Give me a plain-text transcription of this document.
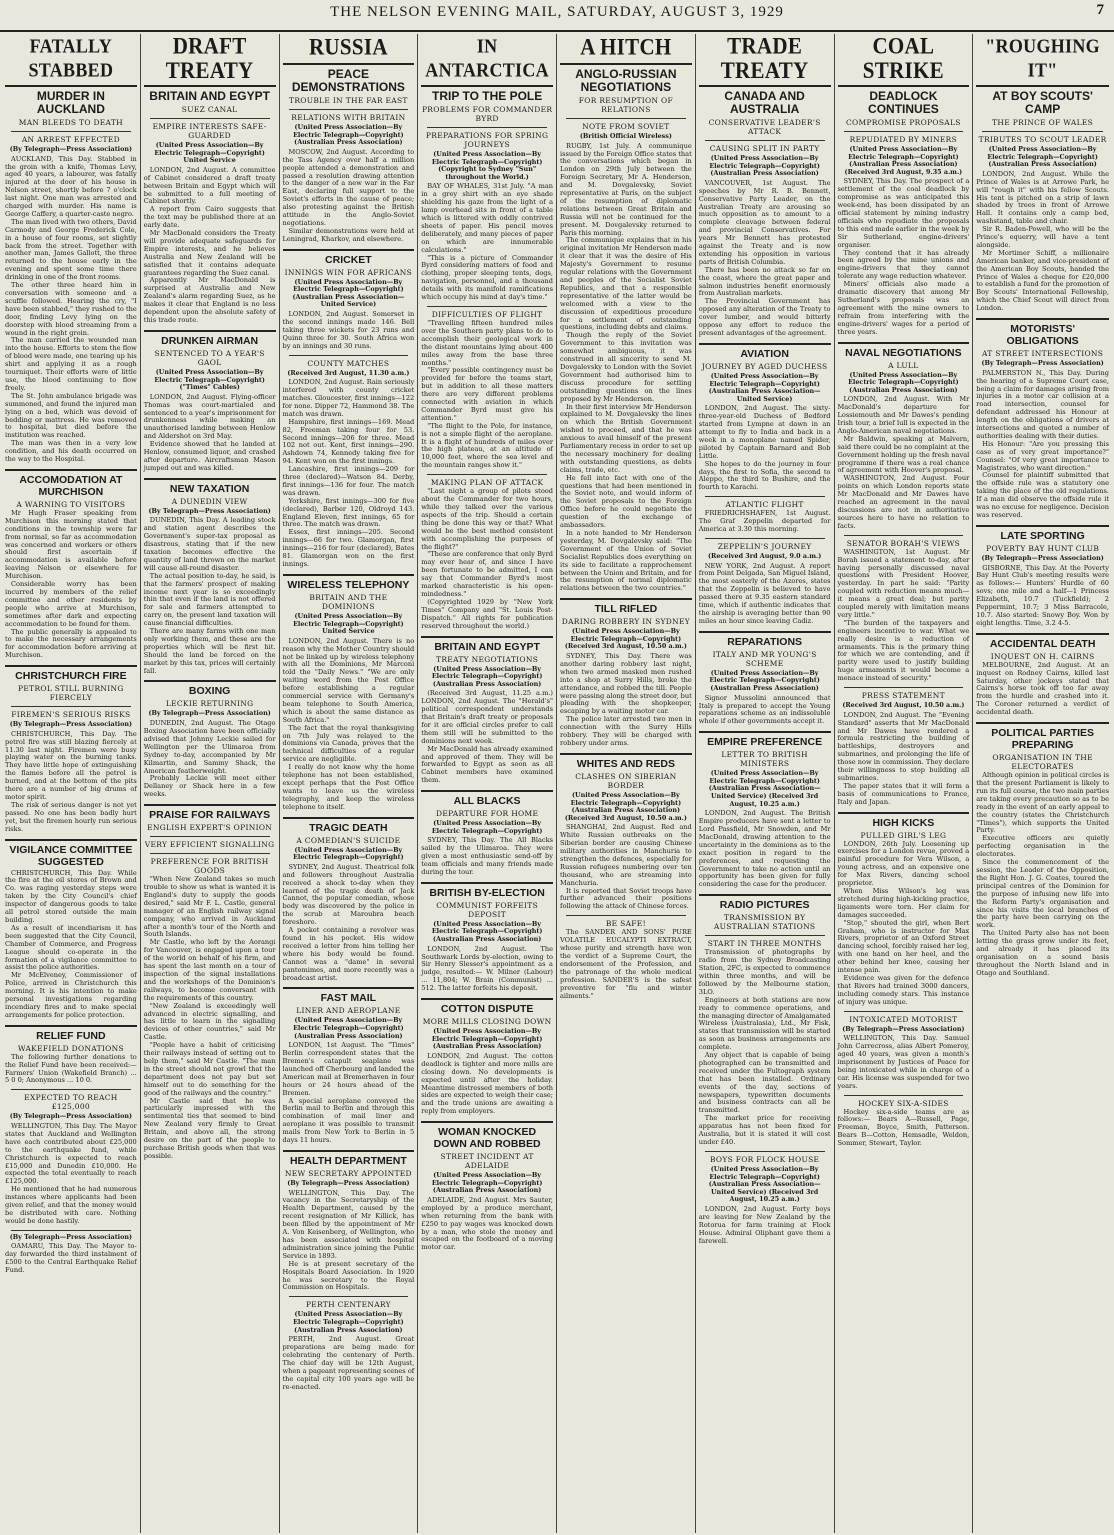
THE NELSON EVENING MAIL, SATURDAY, AUGUST 3, 1929	7
FATALLY STABBED
MURDER IN AUCKLAND
MAN BLEEDS TO DEATH
AN ARREST EFFECTED
(By Telegraph—Press Association)

AUCKLAND, This Day. Stabbed in the groin with a knife, Thomas Levy, aged 40 years, a labourer, was fatally injured at the door of his house in Nelson street, shortly before 7 o'clock last night. One man was arrested and charged with murder. His name is George Caffery, a quarter-caste negro.

The man lived with two others, David Carmody and George Frederick Cole, in a house of four rooms, set slightly back from the street. Together with another man, James Gallott, the three returned to the house early in the evening and spent some time there drinking in one of the front rooms.

The other three heard him in conversation with someone and a scuffle followed. Hearing the cry, "I have been stabbed," they rushed to the door, finding Levy lying on the doorstep with blood streaming from a wound in the right groin.

The man carried the wounded man into the house. Efforts to stem the flow of blood were made, one tearing up his shirt and applying it as a rough tourniquet. Their efforts were of little use, the blood continuing to flow freely.

The St. John ambulance brigade was summoned, and found the injured man lying on a bed, which was devoid of bedding or mattress. He was removed to hospital, but died before the institution was reached.

The man was then in a very low condition, and his death occurred on the way to the Hospital.

ACCOMODATION AT MURCHISON
A WARNING TO VISITORS

Mr Hugh Fraser speaking from Murchison this morning stated that conditions in the township were far from normal, so far as accommodation was concerned and workers or others should first ascertain if accommodation is available before leaving Nelson or elsewhere for Murchison.

Considerable worry has been incurred by members of the relief committee and other residents by people who arrive at Murchison, sometimes after dark and expecting accommodation to be found for them.

The public generally is appealed to to make the necessary arrangements for accommodation before arriving at Murchison.

CHRISTCHURCH FIRE
PETROL STILL BURNING FIERCELY
FIREMEN'S SERIOUS RISKS
(By Telegraph—Press Association)

CHRISTCHURCH, This Day. The petrol fire was still blazing fiercely at 11.30 last night. Firemen were busy playing water on the burning tanks. They have little hope of extinguishing the flames before all the petrol is burned, and at the bottom of the pits there are a number of big drums of motor spirit.

The risk of serious danger is not yet passed. No one has been badly hurt yet, but the firemen hourly run serious risks.

VIGILANCE COMMITTEE SUGGESTED

CHRISTCHURCH, This Day. While the fire at the oil stores of Brown and Co. was raging yesterday steps were taken by the City Council's chief inspector of dangerous goods to take all petrol stored outside the main building.

As a result of incendiarism it has been suggested that the City Council, Chamber of Commerce, and Progress League should co-operate in the formation of a vigilance committee to assist the police authorities.

Mr McElveney, Commissioner of Police, arrived in Christchurch this morning. It is his intention to make personal investigations regarding incendiary fires and to make special arrangements for police protection.

RELIEF FUND
WAKEFIELD DONATIONS

The following further donations to the Relief Fund have been received:— Farmers' Union (Wakefield Branch) ... 5 0 0; Anonymous ... 10 0.

EXPECTED TO REACH £125,000
(By Telegraph—Press Association)

WELLINGTON, This Day. The Mayor states that Auckland and Wellington have each contributed about £25,000 to the earthquake fund, while Christchurch is expected to reach £15,000 and Dunedin £10,000. He expected the total eventually to reach £125,000.

He mentioned that he had numerous instances where applicants had been given relief, and that the money would be distributed with care. Nothing would be done hastily.

(By Telegraph—Press Association)

OAMARU, This Day. The Mayor to-day forwarded the third instalment of £500 to the Central Earthquake Relief Fund.

DRAFT TREATY
BRITAIN AND EGYPT
SUEZ CANAL
EMPIRE INTERESTS SAFE-GUARDED
(United Press Association—By Electric Telegraph—Copyright) United Service

LONDON, 2nd August. A committee of Cabinet considered a draft treaty between Britain and Egypt which will be submitted to a full meeting of Cabinet shortly.

A report from Cairo suggests that the text may be published there at an early date.

Mr MacDonald considers the Treaty will provide adequate safeguards for Empire interests, and he believes Australia and New Zealand will be satisfied that it contains adequate guarantees regarding the Suez canal.

Apparently Mr MacDonald is surprised at Australia and New Zealand's alarm regarding Suez, as he makes it clear that England is no less dependent upon the absolute safety of this trade route.

DRUNKEN AIRMAN
SENTENCED TO A YEAR'S GAOL
(United Press Association—By Electric Telegraph—Copyright) ("Times" Cables)

LONDON, 2nd August. Flying-officer Thomas was court-martialed and sentenced to a year's imprisonment for drunkenness while making an unauthorised landing between Henlow and Aldershot on 3rd May.

Evidence showed that he landed at Henlow, consumed liquor, and crashed after departure. Aircraftsman Mason jumped out and was killed.

NEW TAXATION
A DUNEDIN VIEW
(By Telegraph—Press Association)

DUNEDIN, This Day. A leading stock and station agent describes the Government's super-tax proposal as disastrous, stating that if the new taxation becomes effective the quantity of land thrown on the market will cause all-round disaster.

The actual position to-day, he said, is that the farmers' prospect of making income next year is so exceedingly thin that even if the land is not offered for sale and farmers attempted to carry on, the present land taxation will cause financial difficulties.

There are many farms with one man only working them, and these are the properties which will be first hit. Should the land be forced on the market by this tax, prices will certainly fall.

BOXING
LECKIE RETURNING
(By Telegraph—Press Association)

DUNEDIN, 2nd August. The Otago Boxing Association have been officially advised that Johnny Leckie sailed for Wellington per the Ulimaroa from Sydney to-day, accompanied by Mr Kilmartin, and Sammy Shack, the American featherweight.

Probably Leckie will meet either Dellaney or Shack here in a few weeks.

PRAISE FOR RAILWAYS
ENGLISH EXPERT'S OPINION
VERY EFFICIENT SIGNALLING
PREFERENCE FOR BRITISH GOODS

"When New Zealand takes so much trouble to show us what is wanted it is England's duty to supply the goods desired," said Mr F. L. Castle, general manager of an English railway signal company, who arrived in Auckland after a month's tour of the North and South Islands.

Mr Castle, who left by the Aorangi for Vancouver, is engaged upon a tour of the world on behalf of his firm, and has spent the last month on a tour of inspection of the signal installations and the workshops of the Dominion's railways, to become conversant with the requirements of this country.

"New Zealand is exceedingly well advanced in electric signalling, and has little to learn in the signalling devices of other countries," said Mr Castle.

"People have a habit of criticising their railways instead of setting out to help them," said Mr Castle. "The man in the street should not growl that the department does not pay but set himself out to do something for the good of the railways and the country."

Mr Castle said that he was particularly impressed with the sentimental ties that seemed to bind New Zealand very firmly to Great Britain, and above all, the strong desire on the part of the people to purchase British goods when that was possible.

RUSSIA
PEACE DEMONSTRATIONS
TROUBLE IN THE FAR EAST
RELATIONS WITH BRITAIN
(United Press Association—By Electric Telegraph—Copyright) (Australian Press Association)

MOSCOW, 2nd August. According to the Tass Agency over half a million people attended a demonstration and passed a resolution drawing attention to the danger of a new war in the Far East, declaring full support to the Soviet's efforts in the cause of peace; also protesting against the British attitude in the Anglo-Soviet negotiations.

Similar demonstrations were held at Leningrad, Kharkov, and elsewhere.

CRICKET
INNINGS WIN FOR AFRICANS
(United Press Association—By Electric Telegraph—Copyright) (Australian Press Association—United Service)

LONDON, 2nd August. Somerset in the second innings made 146. Bell taking three wickets for 23 runs and Quinn three for 30. South Africa won by an innings and 30 runs.

COUNTY MATCHES
(Received 3rd August, 11.30 a.m.)

LONDON, 2nd August. Rain seriously interfered with county cricket matches. Gloucester, first innings—122 for none. Dipper 72, Hammond 38. The match was drawn.

Hampshire, first innings—169. Mead 82, Freeman taking four for 53. Second innings—206 for three. Mead 102 not out. Kent, first innings—290. Ashdown 74, Kennedy taking five for 94. Kent won on the first innings.

Lancashire, first innings—209 for three (declared)—Watson 84. Derby, first innings—136 for four. The match was drawn.

Yorkshire, first innings—300 for five (declared), Barber 120, Oldroyd 143. England Eleven, first innings, 65 for three. The match was drawn.

Essex, first innings—205. Second innings—66 for two. Glamorgan, first innings—216 for four (declared), Bates 81. Glamorgan won on the first innings.

WIRELESS TELEPHONY
BRITAIN AND THE DOMINIONS
(United Press Association—By Electric Telegraph—Copyright) United Service

LONDON, 2nd August. There is no reason why the Mother Country should not be linked up by wireless telephony with all the Dominions, Mr Marconi told the "Daily News." "We are only waiting word from the Post Office before establishing a regular commercial service with Germany's beam telephone to South America, which is about the same distance as South Africa."

The fact that the royal thanksgiving on 7th July was relayed to the dominions via Canada, proves that the technical difficulties of a regular service are negligible.

I really do not know why the home telephone has not been established, except perhaps that the Post Office wants to leave us the wireless telegraphy, and keep the wireless telephone to itself.

TRAGIC DEATH
A COMEDIAN'S SUICIDE
(United Press Association—By Electric Telegraph—Copyright)

SYDNEY, 2nd August. Theatrical folk and followers throughout Australia received a shock to-day when they learned of the tragic death of Jack Cannot, the popular comedian, whose body was discovered by the police in the scrub at Maroubra beach foreshore.

A pocket containing a revolver was found in his pocket. His widow received a letter from him telling her where his body would be found. Cannot was a "dame" in several pantomimes, and more recently was a broadcast artist.

FAST MAIL
LINER AND AEROPLANE
(United Press Association—By Electric Telegraph—Copyright) (Australian Press Association)

LONDON, 1st August. The "Times" Berlin correspondent states that the Bremen's catapult seaplane was launched off Cherbourg and landed the American mail at Bremerhaven in four hours or 24 hours ahead of the Bremen.

A special aeroplane conveyed the Berlin mail to Berlin and through this combination of mail liner and aeroplane it was possible to transmit mails from New York to Berlin in 5 days 11 hours.

HEALTH DEPARTMENT
NEW SECRETARY APPOINTED
(By Telegraph—Press Association)

WELLINGTON, This Day. The vacancy in the Secretaryship of the Health Department, caused by the recent resignation of Mr Killick, has been filled by the appointment of Mr A. Von Keisenberg, of Wellington, who has been associated with hospital administration since joining the Public Service in 1893.

He is at present secretary of the Hospitals Board Association. In 1920 he was secretary to the Royal Commission on Hospitals.

PERTH CENTENARY
(United Press Association—By Electric Telegraph—Copyright) (Australian Press Association)

PERTH, 2nd August. Great preparations are being made for celebrating the centenary of Perth. The chief day will be 12th August, when a pageant representing scenes of the capital city 100 years ago will be re-enacted.

IN ANTARCTICA
TRIP TO THE POLE
PROBLEMS FOR COMMANDER BYRD
PREPARATIONS FOR SPRING JOURNEYS
(United Press Association—By Electric Telegraph—Copyright) (Copyright to Sydney "Sun" throughout the World.)

BAY OF WHALES, 31st July. "A man in a grey shirt with an eye shade shielding his gaze from the light of a lamp overhead sits in front of a table which is littered with oddly contrived sheets of paper. His pencil moves deliberately, and many pieces of paper on which are innumerable calculations."

"This is a picture of Commander Byrd considering matters of food and clothing, proper sleeping tents, dogs, navigation, personnel, and a thousand details with its manifold ramifications which occupy his mind at day's time."

DIFFICULTIES OF FLIGHT

"Travelling fifteen hundred miles over the Southern party plans to do to accomplish their geological work in the distant mountains lying about 400 miles away from the base three months."

"Every possible contingency must be provided for before the teams start, but in addition to all these matters there are very different problems connected with aviation in which Commander Byrd must give his attention."

"The flight to the Pole, for instance, is not a simple flight of the aeroplane. It is a flight of hundreds of miles over the high plateau, at an altitude of 10,000 feet, where the sea level and the mountain ranges show it."

MAKING PLAN OF ATTACK

"Last night a group of pilots stood about the Commander for two hours, while they talked over the various aspects of the trip. Should a certain thing be done this way or that? What would be the best method consistent with accomplishing the purposes of the flight?"

"These are conference that only Byrd may ever hear of, and since I have been fortunate to be admitted, I can say that Commander Byrd's most marked characteristic is his open-mindedness."

(Copyrighted 1929 by "New York Times" Company and "St. Louis Post-Dispatch." All rights for publication reserved throughout the world.)

BRITAIN AND EGYPT
TREATY NEGOTIATIONS
(United Press Association—By Electric Telegraph—Copyright) (Australian Press Association)

(Received 3rd August, 11.25 a.m.) LONDON, 2nd August. The "Herald's" political correspondent understands that Britain's draft treaty or proposals for it are official circles prefer to call them still will be submitted to the dominions next week.

Mr MacDonald has already examined and approved of them. They will be forwarded to Egypt as soon as all Cabinet members have examined them.

ALL BLACKS
DEPARTURE FOR HOME
(United Press Association—By Electric Telegraph—Copyright)

SYDNEY, This Day. The All Blacks sailed by the Ulimaroa. They were given a most enthusiastic send-off by team officials and many friends made during the tour.

BRITISH BY-ELECTION
COMMUNIST FORFEITS DEPOSIT
(United Press Association—By Electric Telegraph—Copyright) (Australian Press Association)

LONDON, 2nd August. The Southwark Lords by-election, owing to Sir Henry Slesser's appointment as a judge, resulted:— W. Milner (Labour) ... 11,804; W. Brain (Communist) ... 512. The latter forfeits his deposit.

COTTON DISPUTE
MORE MILLS CLOSING DOWN
(United Press Association—By Electric Telegraph—Copyright) (Australian Press Association)

LONDON, 2nd August. The cotton deadlock is tighter and more mills are closing down. No developments is expected until after the holiday. Meantime distressed members of both sides are expected to weigh their case; and the trade unions are awaiting a reply from employers.

WOMAN KNOCKED DOWN AND ROBBED
STREET INCIDENT AT ADELAIDE
(United Press Association—By Electric Telegraph—Copyright) (Australian Press Association)

ADELAIDE, 2nd August. Mrs Sauter, employed by a produce merchant, when returning from the bank with £250 to pay wages was knocked down by a man, who stole the money and escaped on the footboard of a moving motor car.

A HITCH
ANGLO-RUSSIAN NEGOTIATIONS
FOR RESUMPTION OF RELATIONS
NOTE FROM SOVIET
(British Official Wireless)

RUGBY, 1st July. A communique issued by the Foreign Office states that the conversations which began in London on 29th July between the Foreign Secretary, Mr A. Henderson, and M. Dovgalevsky, Soviet representative at Paris, on the subject of the resumption of diplomatic relations between Great Britain and Russia will not be continued for the present. M. Dovgalevsky returned to Paris this morning.

The communique explains that in his original invitation Mr Henderson made it clear that it was the desire of His Majesty's Government to resume regular relations with the Government and peoples of the Socialist Soviet Republics, and that a responsible representative of the latter would be welcomed with a view to the discussion of expeditious procedure for a settlement of outstanding questions, including debts and claims.

Though the reply of the Soviet Government to this invitation was somewhat ambiguous, it was construed in all sincerity to send M. Dovgalevsky to London with the Soviet Government had authorised him to discuss procedure for settling outstanding questions on the lines proposed by Mr Henderson.

In their first interview Mr Henderson explained to M. Dovgalevsky the lines on which the British Government wished to proceed, and that he was anxious to avail himself of the present Parliamentary recess in order to set up the necessary machinery for dealing with outstanding questions, as debts claims, trade, etc.

He fell into fact with one of the questions that had been mentioned in the Soviet note, and would inform of the Soviet proposals to the Foreign Office before he could negotiate the question of the exchange of ambassadors.

In a note handed to Mr Henderson yesterday, M. Dovgalevsky said: "The Government of the Union of Soviet Socialist Republics does everything on its side to facilitate a rapprochement between the Union and Britain, and for the resumption of normal diplomatic relations between the two countries."

TILL RIFLED
DARING ROBBERY IN SYDNEY
(United Press Association—By Electric Telegraph—Copyright) (Received 3rd August, 10.50 a.m.)

SYDNEY, This Day. There was another daring robbery last night, when two armed masked men rushed into a shop at Surry Hills, broke the attendance, and robbed the till. People were passing along the street door, but pleading with the shopkeeper, escaping by a waiting motor car.

The police later arrested two men in connection with the Surry Hills robbery. They will be charged with robbery under arms.

WHITES AND REDS
CLASHES ON SIBERIAN BORDER
(United Press Association—By Electric Telegraph—Copyright) (Australian Press Association) (Received 3rd August, 10.50 a.m.)

SHANGHAI, 2nd August. Red and White Russian outbreaks on the Siberian border are causing Chinese military authorities in Manchuria to strengthen the defences, especially for Russian refugees numbering over ten thousand, who are streaming into Manchuria.

It is reported that Soviet troops have further advanced their positions following the attack of Chinese forces.

BE SAFE!

The SANDER AND SONS' PURE VOLATILE EUCALYPTI EXTRACT, whose purity and strength have won the verdict of a Supreme Court, the endorsement of the Profession, and the patronage of the whole medical profession. SANDER'S is the safest preventive for "flu and winter ailments."

TRADE TREATY
CANADA AND AUSTRALIA
CONSERVATIVE LEADER'S ATTACK
CAUSING SPLIT IN PARTY
(United Press Association—By Electric Telegraph—Copyright) (Australian Press Association)

VANCOUVER, 1st August. The speeches by Mr R. B. Bennett, Conservative Party Leader, on the Australian Treaty are arousing so much opposition as to amount to a complete cleavage between federal and provincial Conservatives. For years Mr Bennett has protested against the Treaty and is now extending his opposition in various parts of British Columbia.

There has been no attack so far on the coast, where the great paper and salmon industries benefit enormously from Australian markets.

The Provincial Government has opposed any alteration of the Treaty to cover lumber, and would bitterly oppose any effort to reduce the present advantages of the agreement.

AVIATION
JOURNEY BY AGED DUCHESS
(United Press Association—By Electric Telegraph—Copyright) (Australian Press Association—United Service)

LONDON, 2nd August. The sixty-three-year-old Duchess of Bedford started from Lympne at dawn in an attempt to fly to India and back in a week in a monoplane named Spider, piloted by Captain Barnard and Bob Little.

She hopes to do the journey in four days, the first to Sofia, the second to Aleppo, the third to Bushire, and the fourth to Karachi.

ATLANTIC FLIGHT

FRIEDRICHSHAFEN, 1st August. The Graf Zeppelin departed for America at 3.30 this morning.

ZEPPELIN'S JOURNEY
(Received 3rd August, 9.0 a.m.)

NEW YORK, 2nd August. A report from Point Delgada, San Miguel Island, the most easterly of the Azores, states that the Zeppelin is believed to have passed there at 9.35 eastern standard time, which if authentic indicates that the airship is averaging better than 90 miles an hour since leaving Cadiz.

REPARATIONS
ITALY AND MR YOUNG'S SCHEME
(United Press Association—By Electric Telegraph—Copyright) (Australian Press Association)

Signor Mussolini announced that Italy is prepared to accept the Young reparations scheme as an indissoluble whole if other governments accept it.

EMPIRE PREFERENCE
LETTER TO BRITISH MINISTERS
(United Press Association—By Electric Telegraph—Copyright) (Australian Press Association—United Service) (Received 3rd August, 10.25 a.m.)

LONDON, 2nd August. The British Empire producers have sent a letter to Lord Passfield, Mr Snowden, and Mr MacDonald, drawing attention to the uncertainty in the dominions as to the exact position in regard to the preferences, and requesting the Government to take no action until an opportunity has been given for fully considering the case for the producer.

RADIO PICTURES
TRANSMISSION BY AUSTRALIAN STATIONS
START IN THREE MONTHS

Transmission of photographs by radio from the Sydney Broadcasting Station, 2FC, is expected to commence within three months, and will be followed by the Melbourne station, 3LO.

Engineers at both stations are now ready to commence operations, and the managing director of Amalgamated Wireless (Australasia), Ltd., Mr Fisk, states that transmission will be started as soon as business arrangements are complete.

Any object that is capable of being photographed can be transmitted and received under the Fultograph system that has been installed. Ordinary events of the day, sections of newspapers, typewritten documents and business contracts can all be transmitted.

The market price for receiving apparatus has not been fixed for Australia, but it is stated it will cost under £40.

BOYS FOR FLOCK HOUSE
(United Press Association—By Electric Telegraph—Copyright) (Australian Press Association—United Service) (Received 3rd August, 10.25 a.m.)

LONDON, 2nd August. Forty boys are leaving for New Zealand by the Rotorua for farm training at Flock House. Admiral Oliphant gave them a farewell.

COAL STRIKE
DEADLOCK CONTINUES
COMPROMISE PROPOSALS
REPUDIATED BY MINERS
(United Press Association—By Electric Telegraph—Copyright) (Australian Press Association) (Received 3rd August, 9.35 a.m.)

SYDNEY, This Day. The prospect of a settlement of the coal deadlock by compromise as was anticipated this week-end, has been dissipated by an official statement by mining industry officials who repudiate the proposals to this end made earlier in the week by Sir Sutherland, engine-drivers' organiser.

They contend that it has already been agreed by the mine unions and engine-drivers that they cannot tolerate any wage reduction whatever.

Miners' officials also made a dramatic discovery that among Mr Sutherland's proposals was an agreement with the mine owners to refrain from interfering with the engine-drivers' wages for a period of three years.

NAVAL NEGOTIATIONS
A LULL
(United Press Association—By Electric Telegraph—Copyright) (Australian Press Association)

LONDON, 2nd August. With Mr MacDonald's departure for Lossiemouth and Mr Dawes's pending Irish tour, a brief lull is expected in the Anglo-American naval negotiations.

Mr Baldwin, speaking at Malvern, said there could be no complaint at the Government holding up the fresh naval programme if there was a real chance of agreement with Hoover's proposal.

WASHINGTON, 2nd August. Four points on which London reports state Mr MacDonald and Mr Dawes have reached an agreement in the naval discussions are not in authoritative sources here to have no relation to facts.

SENATOR BORAH'S VIEWS

WASHINGTON, 1st August. Mr Borah issued a statement to-day, after having personally discussed naval questions with President Hoover, yesterday. In part he said: "Parity coupled with reduction means much—it means a great deal; but parity coupled merely with limitation means very little."

"The burden of the taxpayers and engineers incentive to war. What we really desire is a reduction of armaments. This is the primary thing for which we are contending, and if parity were used to justify building huge armaments it would become a menace instead of security."

PRESS STATEMENT
(Received 3rd August, 10.50 a.m.)

LONDON, 2nd August. The "Evening Standard" asserts that Mr MacDonald and Mr Dawes have rendered a formula restricting the building of battleships, destroyers and submarines, and prolonging the life of those now in commission. They declare their willingness to stop building all submarines.

The paper states that it will form a basis of communications to France, Italy and Japan.

HIGH KICKS
PULLED GIRL'S LEG

LONDON, 26th July. Loosening up exercises for a London revue, proved a painful procedure for Vera Wilson, a young actress, and an expensive one for Max Rivers, dancing school proprietor.

When Miss Wilson's leg was stretched during high-kicking practice, ligaments were torn. Her claim for damages succeeded.

"Stop," shouted the girl, when Bert Graham, who is instructor for Max Rivers, proprietor of an Oxford Street dancing school, forcibly raised her leg, with one hand on her heel, and the other behind her knee, causing her intense pain.

Evidence was given for the defence that Rivers had trained 3000 dancers, including comedy stars. This instance of injury was unique.

INTOXICATED MOTORIST
(By Telegraph—Press Association)

WELLINGTON, This Day. Samuel John Carrecross, alias Albert Pomeroy, aged 40 years, was given a month's imprisonment by Justices of Peace for being intoxicated while in charge of a car. His license was suspended for two years.

HOCKEY SIX-A-SIDES

Hockey six-a-side teams are as follows:— Bears A—Russell, Page, Freeman, Boyce, Smith, Patterson. Bears B—Cotton, Hemsadle, Weldon, Sommer, Stewart, Taylor.

"ROUGHING IT"
AT BOY SCOUTS' CAMP
THE PRINCE OF WALES
TRIBUTES TO SCOUT LEADER
(United Press Association—By Electric Telegraph—Copyright) (Australian Press Association)

LONDON, 2nd August. While the Prince of Wales is at Arrowe Park, he will "rough it" with his fellow Scouts. His tent is pitched on a strip of lawn shaded by trees in front of Arrowe Hall. It contains only a camp bed, washstand, table and chair.

Sir R. Baden-Powell, who will be the Prince's equerry, will have a tent alongside.

Mr Mortimer Schiff, a millionaire American banker, and vice-president of the American Boy Scouts, handed the Prince of Wales a cheque for £20,000 to establish a fund for the promotion of Boy Scouts' International Fellowship, which the Chief Scout will direct from London.

MOTORISTS' OBLIGATIONS
AT STREET INTERSECTIONS
(By Telegraph—Press Association)

PALMERSTON N., This Day. During the hearing of a Supreme Court case, being a claim for damages arising from injuries in a motor car collision at a road intersection, counsel for defendant addressed his Honour at length on the obligations of drivers at intersections and quoted a number of authorities dealing with their duties.

His Honour: "Are you pressing this case as of very great importance?" Counsel: "Of very great importance to Magistrates, who want direction."

Counsel for plaintiff submitted that the offside rule was a statutory one taking the place of the old regulations. If a man did observe the offside rule it was no excuse for negligence. Decision was reserved.

LATE SPORTING
POVERTY BAY HUNT CLUB
(By Telegraph—Press Association)

GISBORNE, This Day. At the Poverty Bay Hunt Club's meeting results were as follows:— Hunters' Hurdle of 60 sovs; one mile and a half—1 Princess Elizabeth, 10.7 (Tuckfield); 2 Peppermint, 10.7; 3 Miss Barracole, 10.7. Also started: Snowy Boy. Won by eight lengths. Time, 3.2 4-5.

ACCIDENTAL DEATH
INQUEST ON H. CAIRNS

MELBOURNE, 2nd August. At an inquest on Rodney Cairns, killed last Saturday, other jockeys stated that Cairns's horse took off too far away from the hurdle and crashed into it. The Coroner returned a verdict of accidental death.

POLITICAL PARTIES PREPARING
ORGANISATION IN THE ELECTORATES

Although opinion in political circles is that the present Parliament is likely to run its full course, the two main parties are taking every precaution so as to be ready in the event of an early appeal to the country (states the Christchurch "Times"), which supports the United Party.

Executive officers are quietly perfecting organisation in the electorates.

Since the commencement of the session, the Leader of the Opposition, the Right Hon. J. G. Coates, toured the principal centres of the Dominion for the purpose of infusing new life into the Reform Party's organisation and since his visits the local branches of the party have been carrying on the work.

The United Party also has not been letting the grass grow under its feet, and already it has placed its organisation on a sound basis throughout the North Island and in Otago and Southland.
